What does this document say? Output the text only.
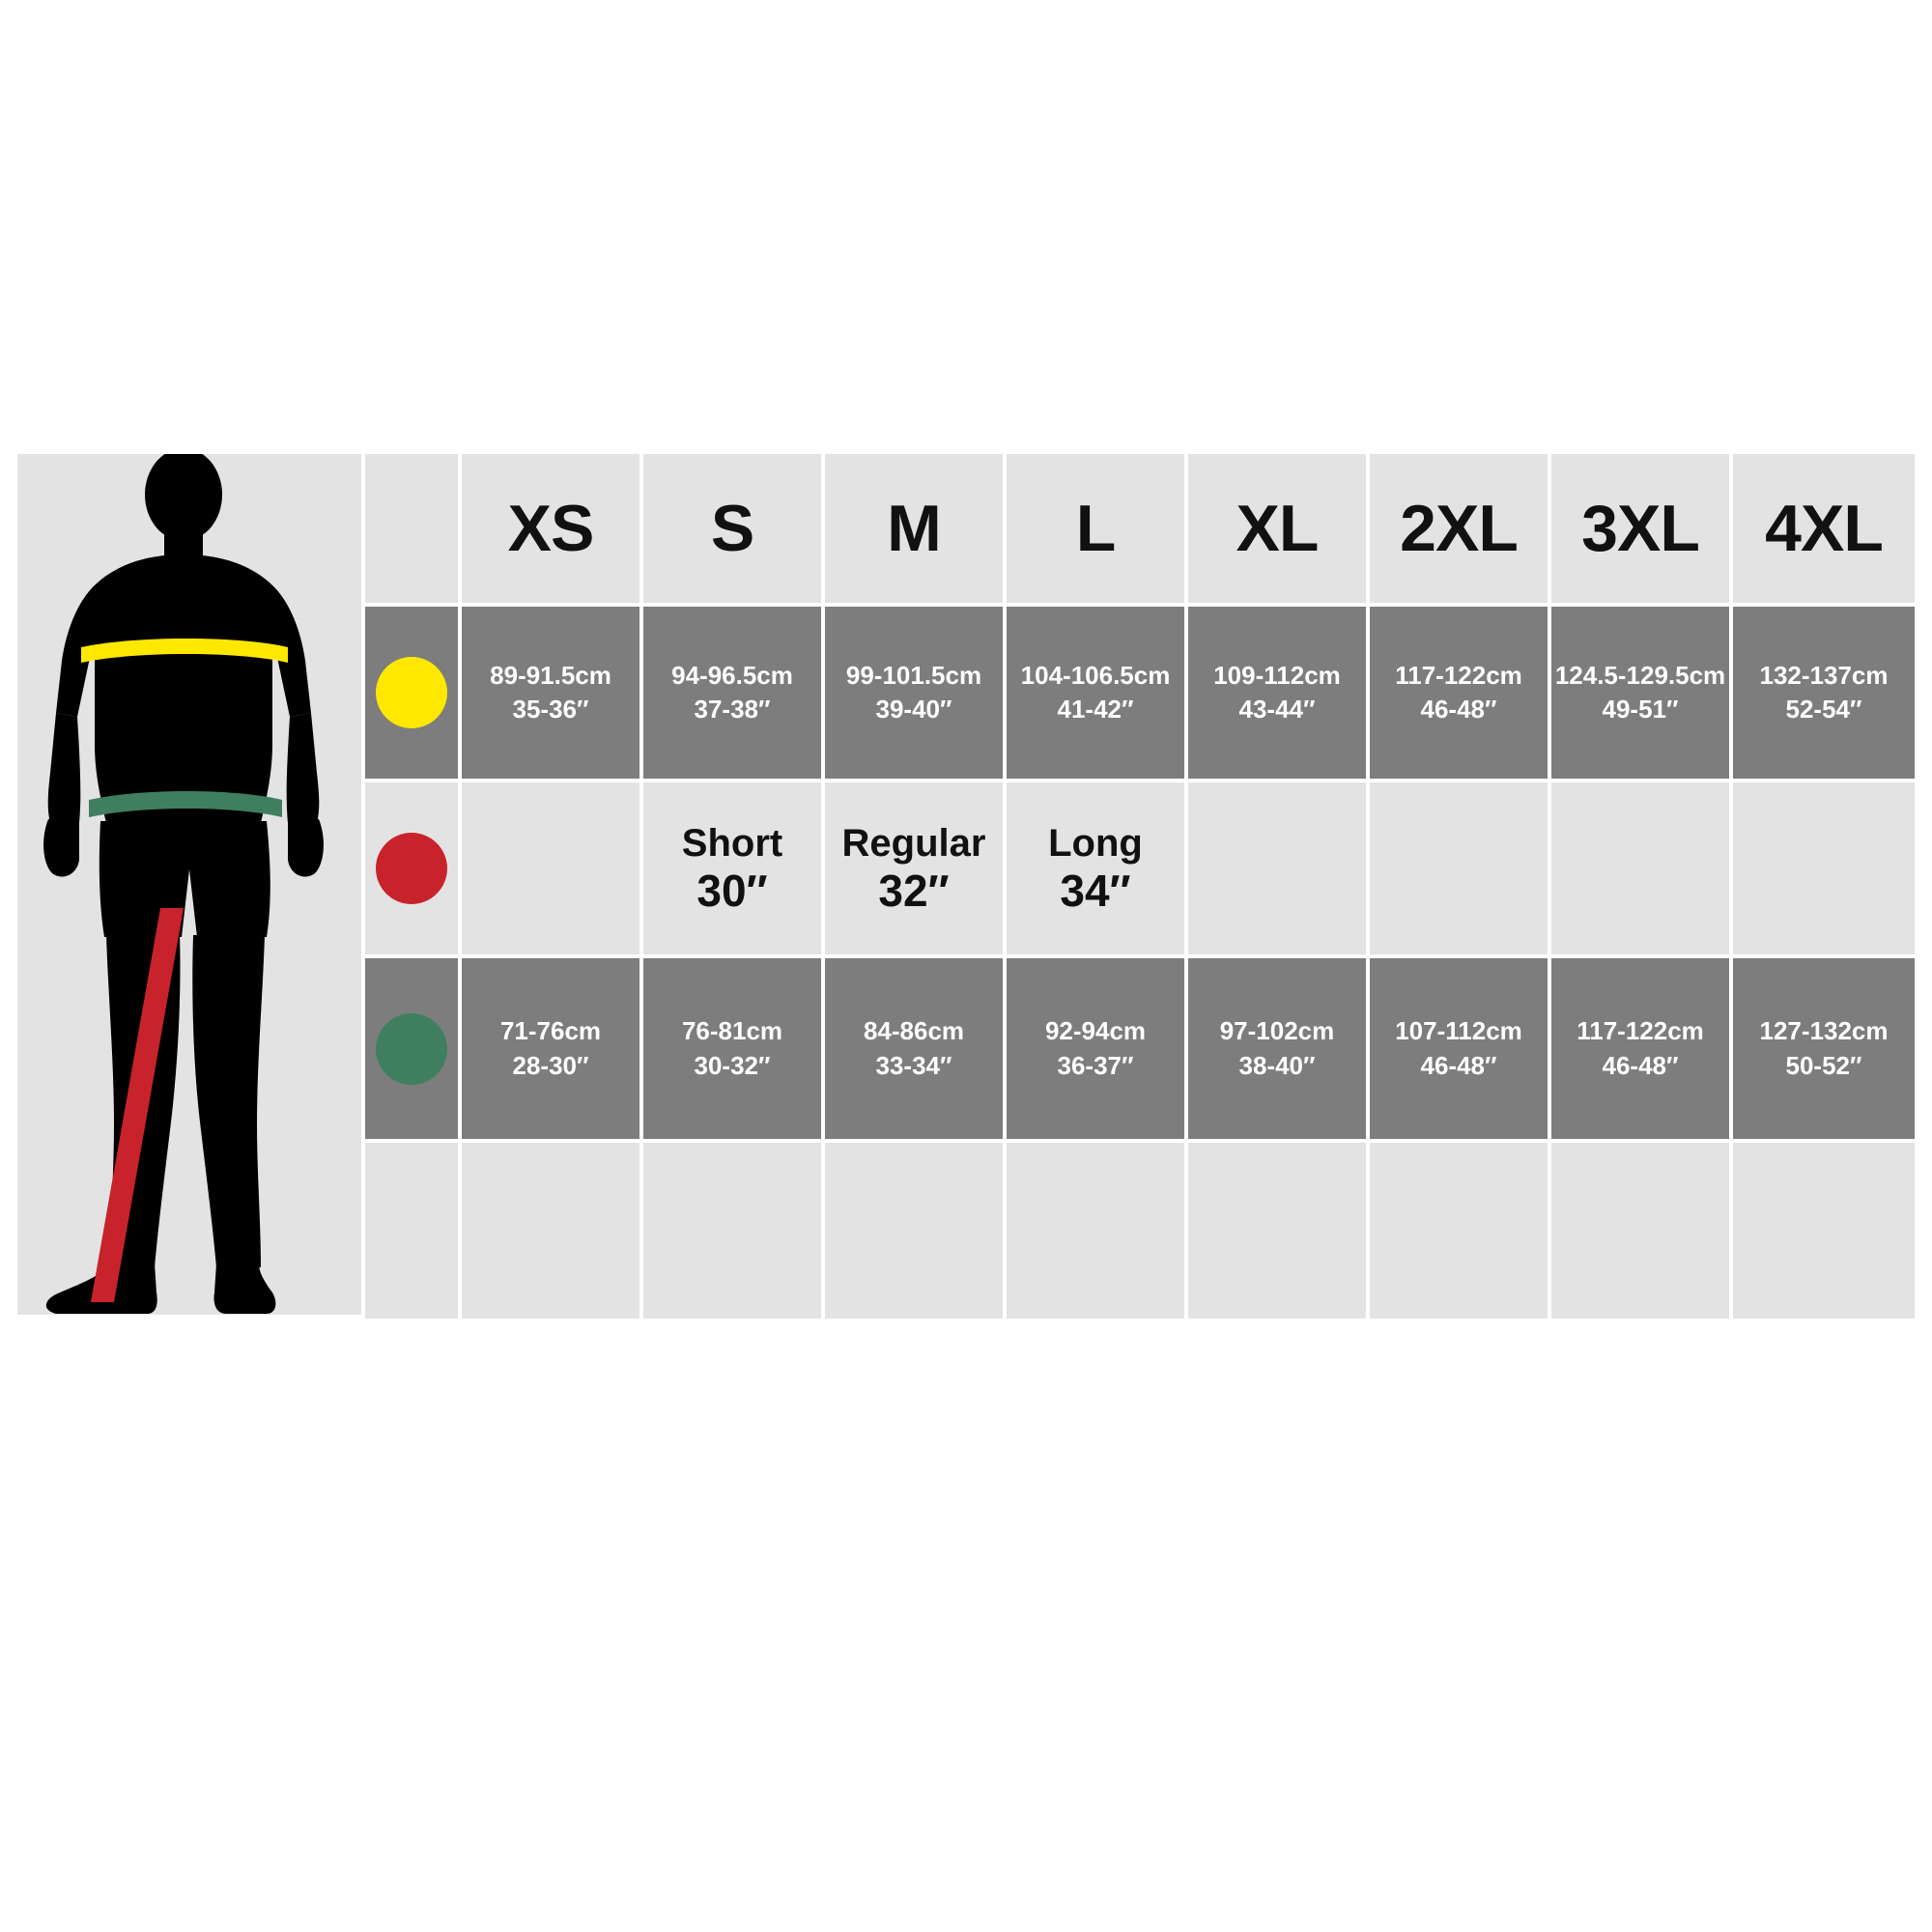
XS S M L XL 2XL 3XL 4XL
89-91.5cm
35-36″
94-96.5cm
37-38″
99-101.5cm
39-40″
104-106.5cm
41-42″
109-112cm
43-44″
117-122cm
46-48″
124.5-129.5cm
49-51″
132-137cm
52-54″
Short
30″
Regular
32″
Long
34″
71-76cm
28-30″
76-81cm
30-32″
84-86cm
33-34″
92-94cm
36-37″
97-102cm
38-40″
107-112cm
46-48″
117-122cm
46-48″
127-132cm
50-52″
